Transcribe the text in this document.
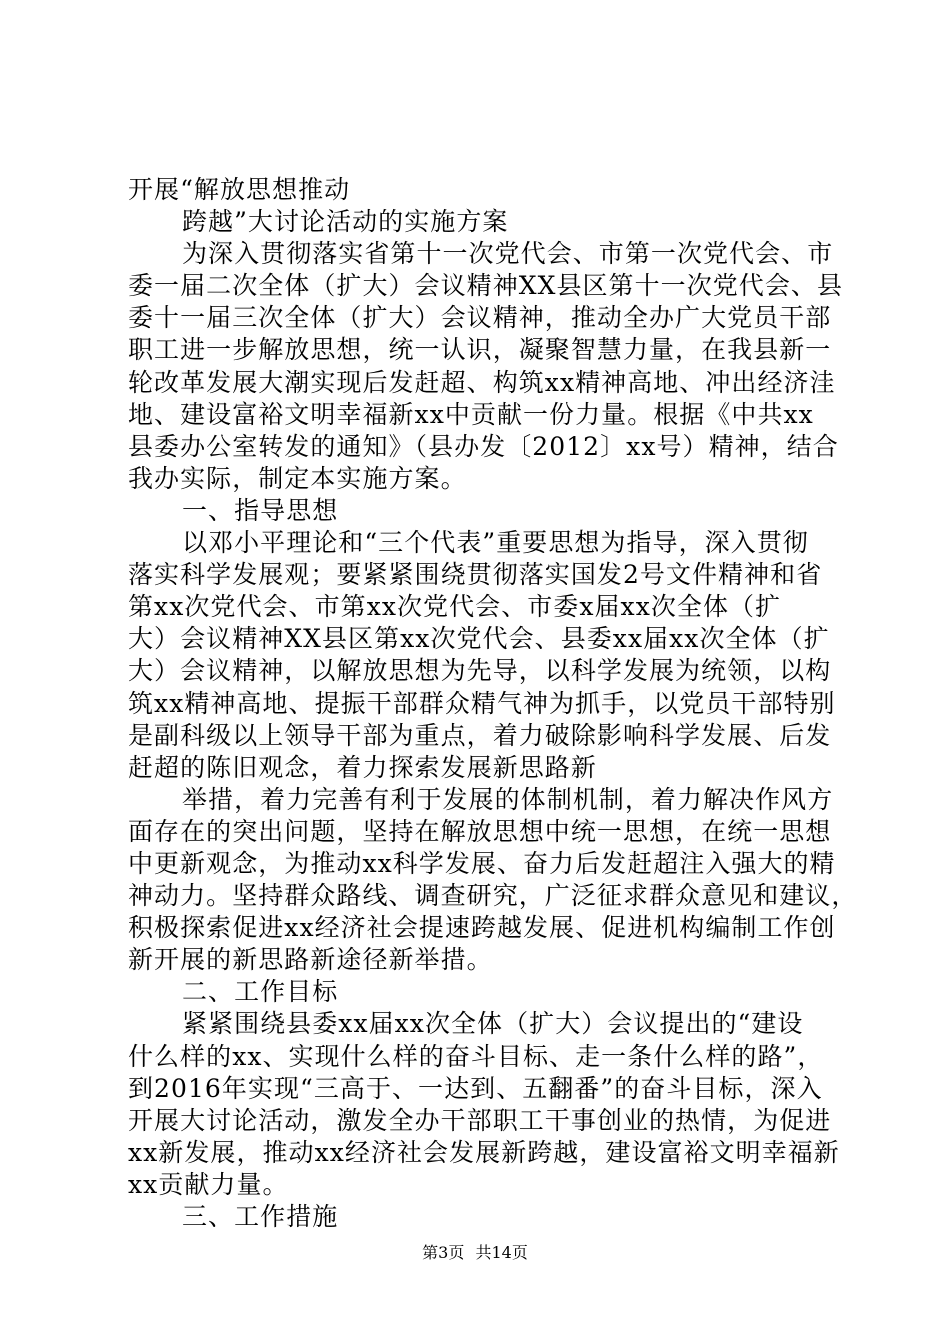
开展“解放思想推动
跨越”大讨论活动的实施方案
为深入贯彻落实省第十一次党代会、市第一次党代会、市
委一届二次全体（扩大）会议精神XX县区第十一次党代会、县
委十一届三次全体（扩大）会议精神，推动全办广大党员干部
职工进一步解放思想，统一认识，凝聚智慧力量，在我县新一
轮改革发展大潮实现后发赶超、构筑xx精神高地、冲出经济洼
地、建设富裕文明幸福新xx中贡献一份力量。根据《中共xx
县委办公室转发的通知》（县办发〔2012〕xx号）精神，结合
我办实际，制定本实施方案。
一、指导思想
以邓小平理论和“三个代表”重要思想为指导，深入贯彻
落实科学发展观；要紧紧围绕贯彻落实国发2号文件精神和省
第xx次党代会、市第xx次党代会、市委x届xx次全体（扩
大）会议精神XX县区第xx次党代会、县委xx届xx次全体（扩
大）会议精神，以解放思想为先导，以科学发展为统领，以构
筑xx精神高地、提振干部群众精气神为抓手，以党员干部特别
是副科级以上领导干部为重点，着力破除影响科学发展、后发
赶超的陈旧观念，着力探索发展新思路新
举措，着力完善有利于发展的体制机制，着力解决作风方
面存在的突出问题，坚持在解放思想中统一思想，在统一思想
中更新观念，为推动xx科学发展、奋力后发赶超注入强大的精
神动力。坚持群众路线、调查研究，广泛征求群众意见和建议，
积极探索促进xx经济社会提速跨越发展、促进机构编制工作创
新开展的新思路新途径新举措。
二、工作目标
紧紧围绕县委xx届xx次全体（扩大）会议提出的“建设
什么样的xx、实现什么样的奋斗目标、走一条什么样的路”，
到2016年实现“三高于、一达到、五翻番”的奋斗目标，深入
开展大讨论活动，激发全办干部职工干事创业的热情，为促进
xx新发展，推动xx经济社会发展新跨越，建设富裕文明幸福新
xx贡献力量。
三、工作措施
第3页 共14页
